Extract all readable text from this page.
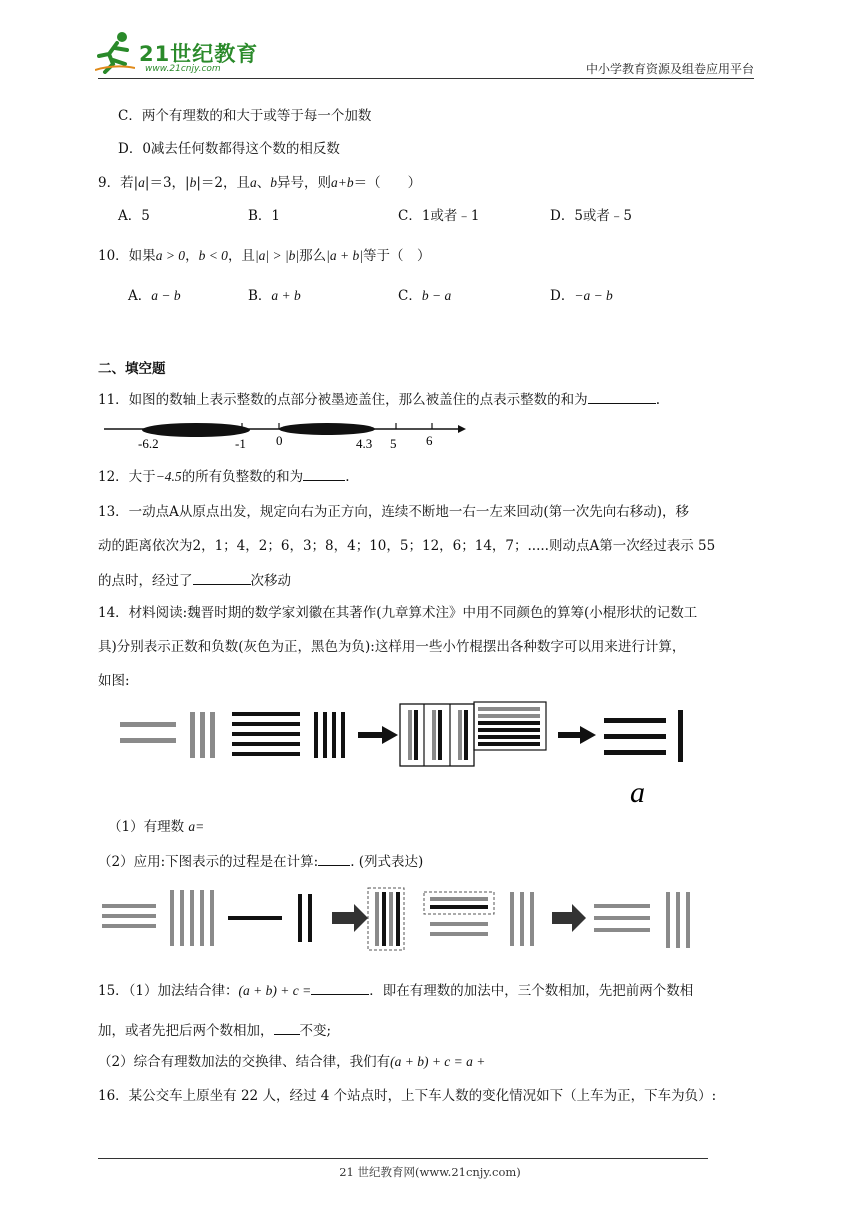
21世纪教育
www.21cnjy.com	中小学教育资源及组卷应用平台
C．两个有理数的和大于或等于每一个加数
D．0减去任何数都得这个数的相反数
9．若|a|＝3，|b|＝2，且a、b异号，则a+b＝（　　）
A．5	B．1	C．1或者﹣1	D．5或者﹣5
10．如果a > 0，b < 0，且|a| > |b|那么|a + b|等于（　）
A．a − b	B．a + b	C．b − a	D．−a − b
二、填空题
11．如图的数轴上表示整数的点部分被墨迹盖住，那么被盖住的点表示整数的和为	.
-6.2	-1 0	4.3 5 6
12．大于−4.5的所有负整数的和为	.
13．一动点A从原点出发，规定向右为正方向，连续不断地一右一左来回动(第一次先向右移动)，移
动的距离依次为2，1；4，2；6，3；8，4；10，5；12，6；14，7；.....则动点A第一次经过表示 55
的点时，经过了	次移动
14．材料阅读:魏晋时期的数学家刘徽在其著作(九章算术注》中用不同颜色的算筹(小棍形状的记数工
具)分别表示正数和负数(灰色为正，黑色为负):这样用一些小竹棍摆出各种数字可以用来进行计算，
如图:
a
（1）有理数 a=
（2）应用:下图表示的过程是在计算: . (列式表达)
15．（1）加法结合律：(a + b) + c =	．即在有理数的加法中，三个数相加，先把前两个数相
加，或者先把后两个数相加， 不变;
（2）综合有理数加法的交换律、结合律，我们有(a + b) + c = a +
16．某公交车上原坐有 22 人，经过 4 个站点时，上下车人数的变化情况如下（上车为正，下车为负）:
21 世纪教育网(www.21cnjy.com)
